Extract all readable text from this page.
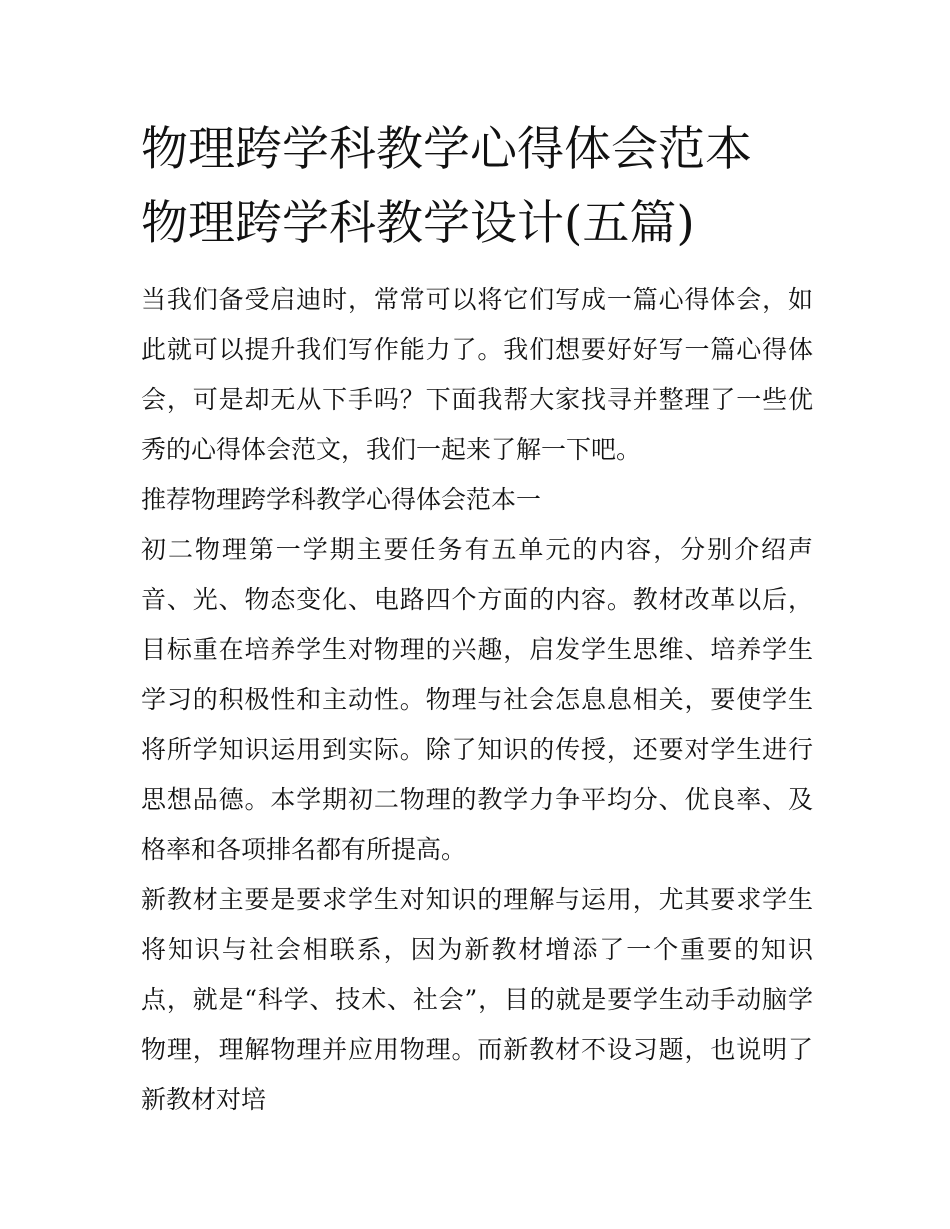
物理跨学科教学心得体会范本
物理跨学科教学设计(五篇)

当我们备受启迪时，常常可以将它们写成一篇心得体会，如此就可以提升我们写作能力了。我们想要好好写一篇心得体会，可是却无从下手吗？下面我帮大家找寻并整理了一些优秀的心得体会范文，我们一起来了解一下吧。

推荐物理跨学科教学心得体会范本一

初二物理第一学期主要任务有五单元的内容，分别介绍声音、光、物态变化、电路四个方面的内容。教材改革以后，目标重在培养学生对物理的兴趣，启发学生思维、培养学生学习的积极性和主动性。物理与社会怎息息相关，要使学生将所学知识运用到实际。除了知识的传授，还要对学生进行思想品德。本学期初二物理的教学力争平均分、优良率、及格率和各项排名都有所提高。

新教材主要是要求学生对知识的理解与运用，尤其要求学生将知识与社会相联系，因为新教材增添了一个重要的知识点，就是“科学、技术、社会”，目的就是要学生动手动脑学物理，理解物理并应用物理。而新教材不设习题，也说明了新教材对培
